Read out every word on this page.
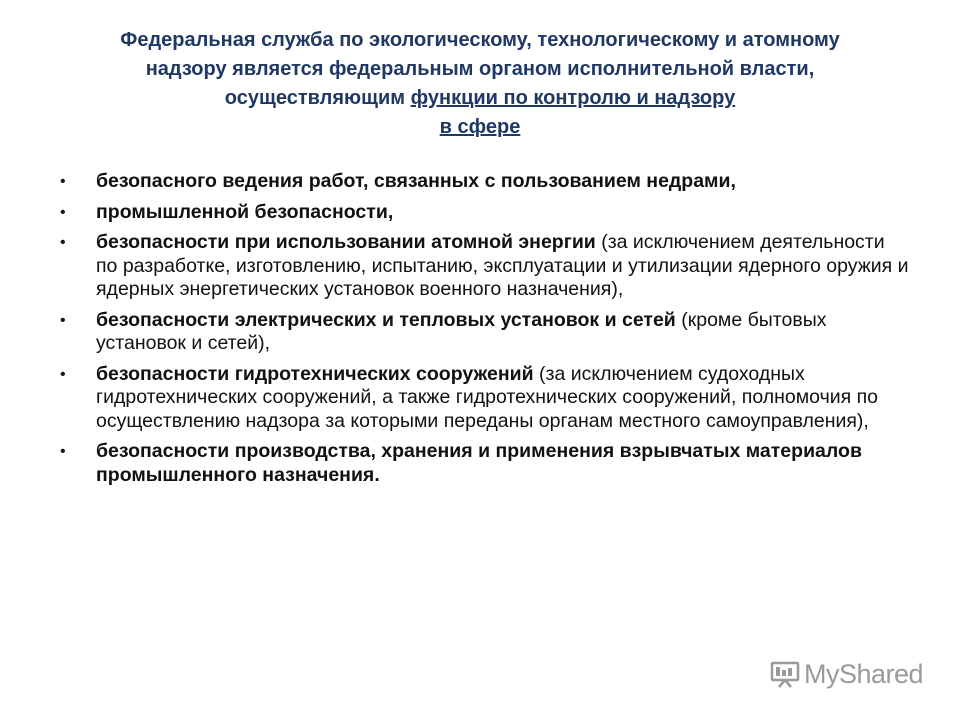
Федеральная служба по экологическому, технологическому и атомному
надзору является федеральным органом исполнительной власти,
осуществляющим функции по контролю и надзору
в сфере
• безопасного ведения работ, связанных с пользованием недрами,
• промышленной безопасности,
• безопасности при использовании атомной энергии (за исключением деятельности по разработке, изготовлению, испытанию, эксплуатации и утилизации ядерного оружия и ядерных энергетических установок военного назначения),
• безопасности электрических и тепловых установок и сетей (кроме бытовых установок и сетей),
• безопасности гидротехнических сооружений (за исключением судоходных гидротехнических сооружений, а также гидротехнических сооружений, полномочия по осуществлению надзора за которыми переданы органам местного самоуправления),
• безопасности производства, хранения и применения взрывчатых материалов промышленного назначения.
MyShared
